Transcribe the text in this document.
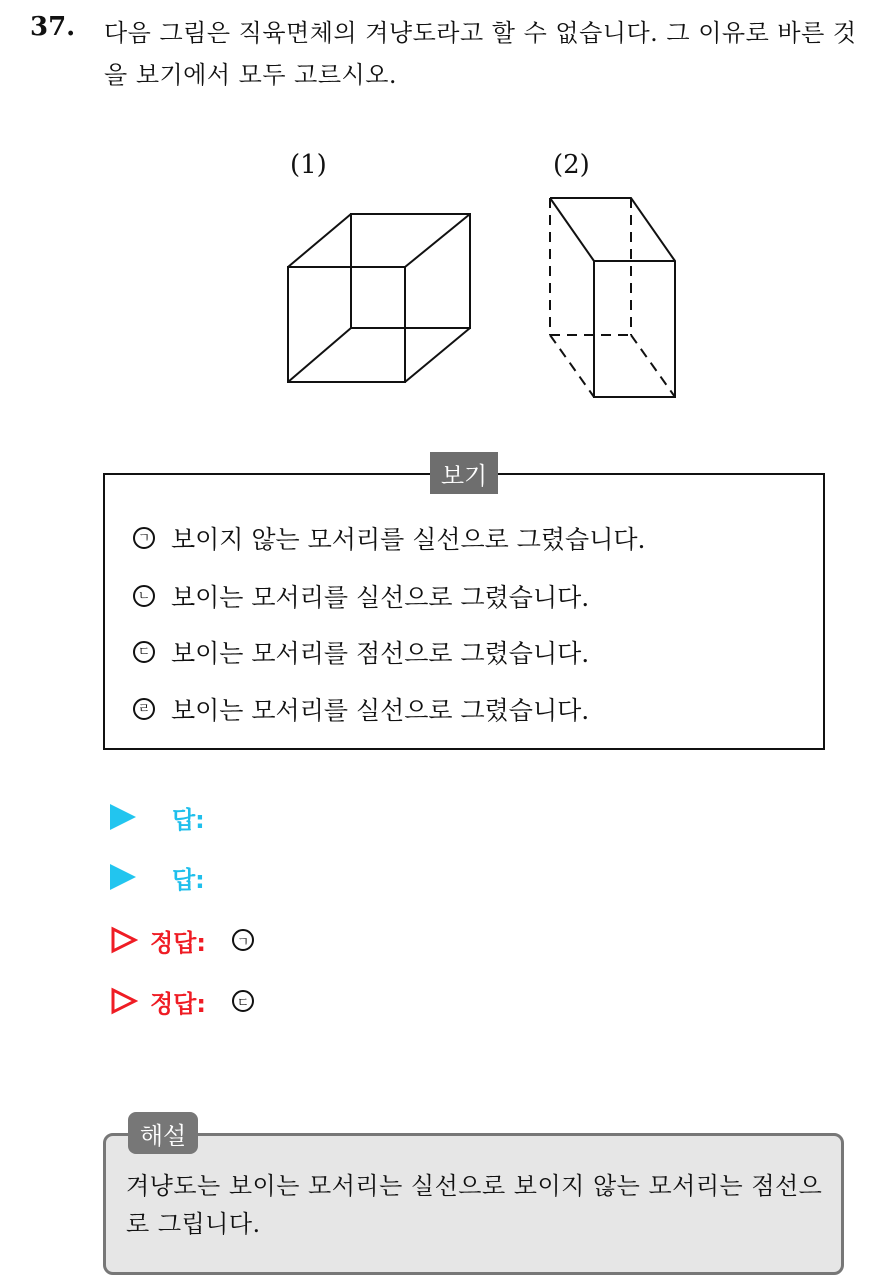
37. 다음 그림은 직육면체의 겨냥도라고 할 수 없습니다. 그 이유로 바른 것을 보기에서 모두 고르시오.
(1)	(2)
보기
ㄱ 보이지 않는 모서리를 실선으로 그렸습니다.
ㄴ 보이는 모서리를 실선으로 그렸습니다.
ㄷ 보이는 모서리를 점선으로 그렸습니다.
ㄹ 보이는 모서리를 실선으로 그렸습니다.
답:
답:
정답:	ㄱ
정답:	ㄷ
해설
겨냥도는 보이는 모서리는 실선으로 보이지 않는 모서리는 점선으로 그립니다.
